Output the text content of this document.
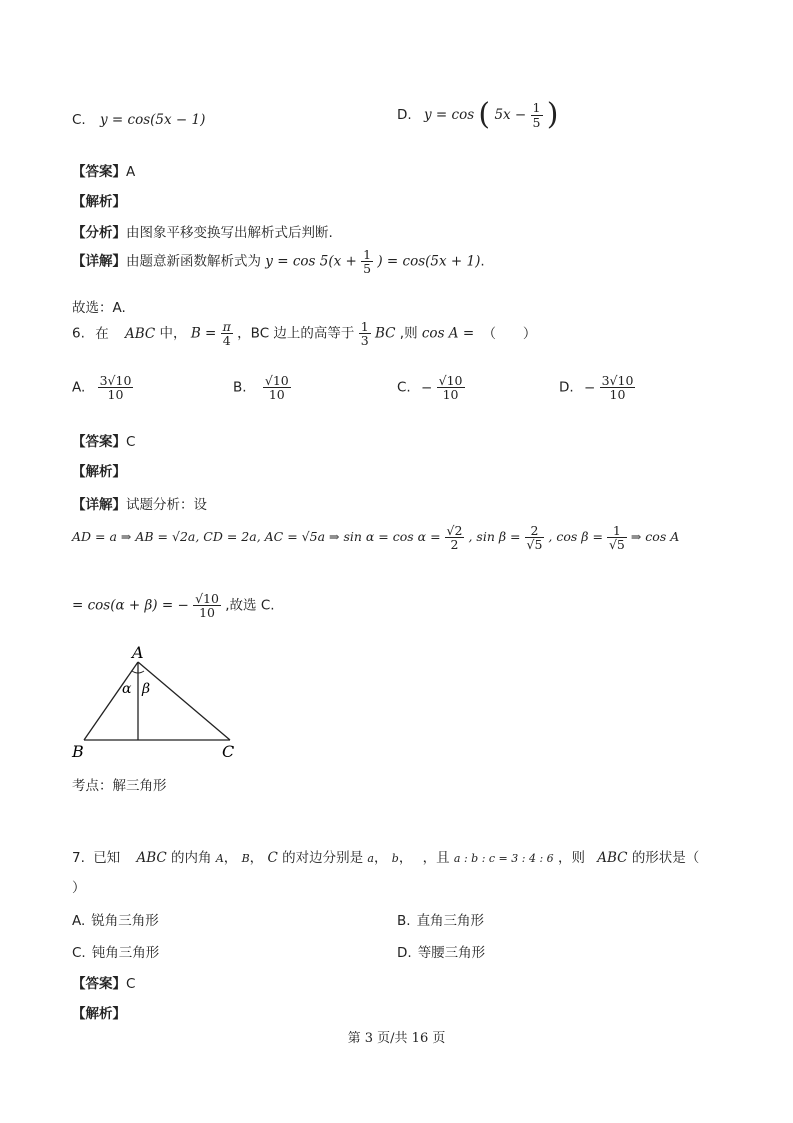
C. y = cos(5x − 1)	D. y = cos ( $5x - \frac{1}{5}$ )
【答案】A
【解析】
【分析】由图象平移变换写出解析式后判断.
【详解】由题意新函数解析式为 $y = \cos 5(x + \frac{1}{5}$ ) = cos(5x + 1).
故选：A.
6. 在 ABC 中， $B = \frac{\pi}{4}$ ，BC 边上的高等于 $\frac{1}{3}$ BC ,则 cos A = （　　）
A. $\frac{3√10}{10}$	B. $\frac{√10}{10}$	C. − $\frac{√10}{10}$	D. − $\frac{3√10}{10}$
【答案】C
【解析】
【详解】试题分析：设
AD = a ⇒ AB = √2a, CD = 2a, AC = √5a ⇒ $\sin \alpha = \cos \alpha = \frac{√2}{2}$ , $\sin \beta = \frac{2}{√5}$ , $\cos \beta = \frac{1}{√5}$ ⇒ cos A
= cos(α + β) = − $\frac{√10}{10}$ ,故选 C.
A
B	C
α β
考点：解三角形
7. 已知 ABC 的内角 A， B， C 的对边分别是 a， b， ，且 a : b : c = 3 : 4 : 6 ，则 ABC 的形状是（
）
A. 锐角三角形	B. 直角三角形
C. 钝角三角形	D. 等腰三角形
【答案】C
【解析】
第 3 页/共 16 页
